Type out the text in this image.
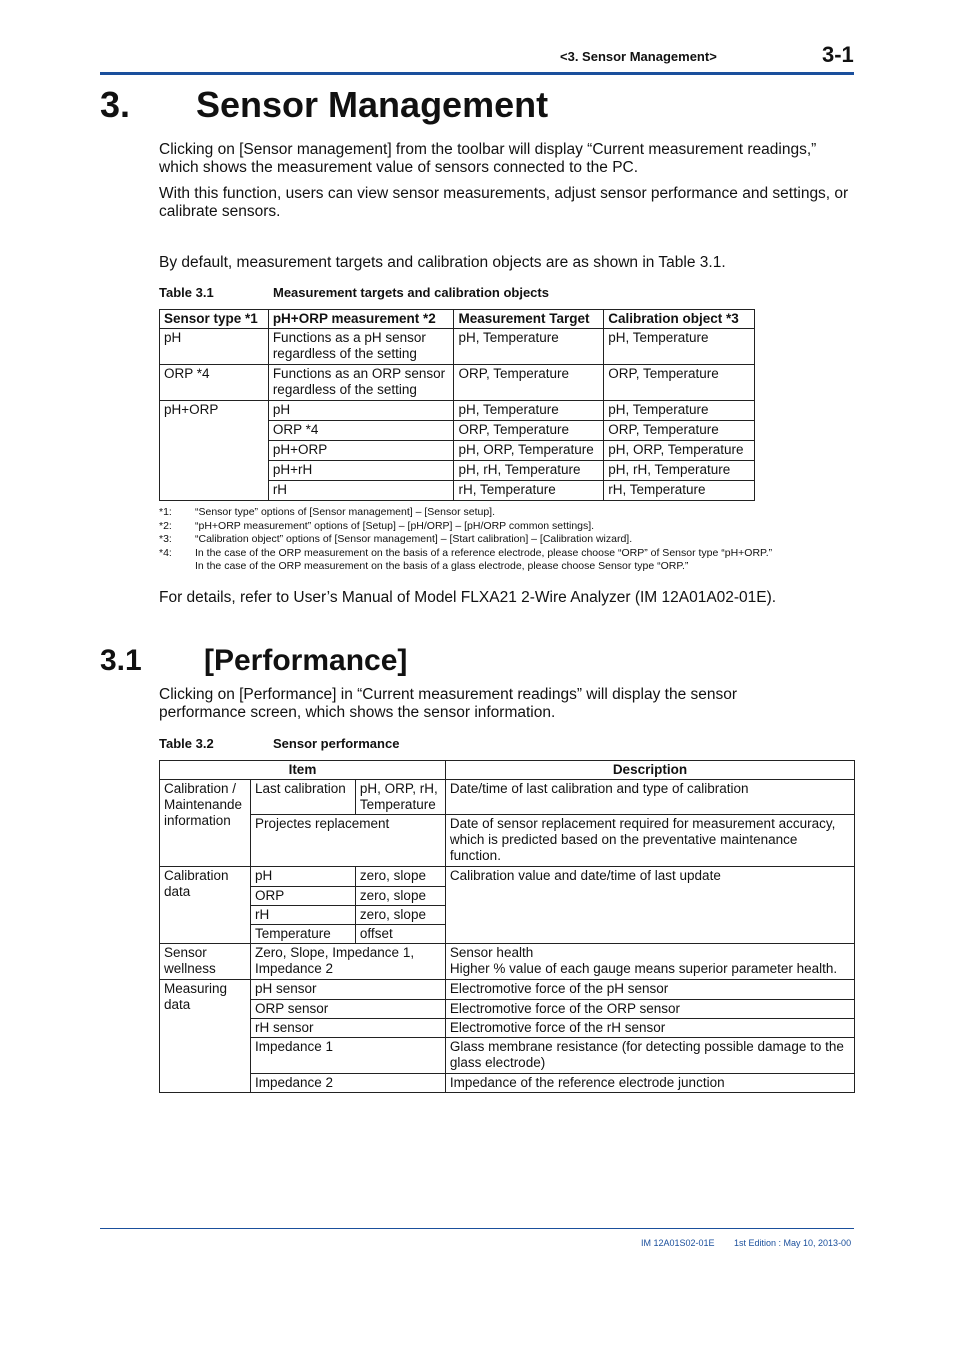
<3. Sensor Management>	3-1
3. Sensor Management
Clicking on [Sensor management] from the toolbar will display “Current measurement readings,” which shows the measurement value of sensors connected to the PC.
With this function, users can view sensor measurements, adjust sensor performance and settings, or calibrate sensors.
By default, measurement targets and calibration objects are as shown in Table 3.1.
Table 3.1	Measurement targets and calibration objects
Sensor type *1	pH+ORP measurement *2	Measurement Target	Calibration object *3
pH	Functions as a pH sensor regardless of the setting	pH, Temperature	pH, Temperature
ORP *4	Functions as an ORP sensor regardless of the setting	ORP, Temperature	ORP, Temperature
pH+ORP	pH	pH, Temperature	pH, Temperature
	ORP *4	ORP, Temperature	ORP, Temperature
	pH+ORP	pH, ORP, Temperature	pH, ORP, Temperature
	pH+rH	pH, rH, Temperature	pH, rH, Temperature
	rH	rH, Temperature	rH, Temperature
*1:	“Sensor type” options of [Sensor management] – [Sensor setup].
*2:	“pH+ORP measurement” options of [Setup] – [pH/ORP] – [pH/ORP common settings].
*3:	“Calibration object” options of [Sensor management] – [Start calibration] – [Calibration wizard].
*4:	In the case of the ORP measurement on the basis of a reference electrode, please choose “ORP” of Sensor type “pH+ORP.”
In the case of the ORP measurement on the basis of a glass electrode, please choose Sensor type “ORP.”
For details, refer to User’s Manual of Model FLXA21 2-Wire Analyzer (IM 12A01A02-01E).
3.1 [Performance]
Clicking on [Performance] in “Current measurement readings” will display the sensor performance screen, which shows the sensor information.
Table 3.2	Sensor performance
Item			Description
Calibration / Maintenande information	Last calibration	pH, ORP, rH, Temperature	Date/time of last calibration and type of calibration
	Projectes replacement		Date of sensor replacement required for measurement accuracy, which is predicted based on the preventative maintenance function.
Calibration data	pH	zero, slope	Calibration value and date/time of last update
	ORP	zero, slope	
	rH	zero, slope	
	Temperature	offset	
Sensor wellness	Zero, Slope, Impedance 1, Impedance 2		Sensor health
Higher % value of each gauge means superior parameter health.

Measuring data	pH sensor		Electromotive force of the pH sensor
	ORP sensor		Electromotive force of the ORP sensor
	rH sensor		Electromotive force of the rH sensor
	Impedance 1		Glass membrane resistance (for detecting possible damage to the glass electrode)
	Impedance 2		Impedance of the reference electrode junction
IM 12A01S02-01E 1st Edition : May 10, 2013-00
